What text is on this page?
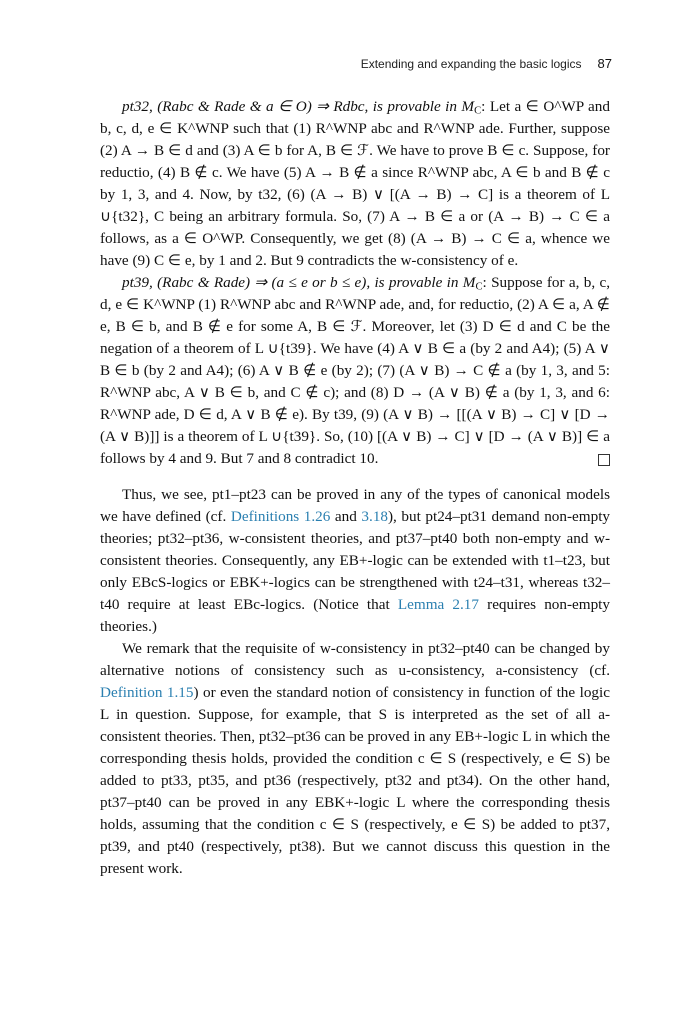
Extending and expanding the basic logics 87

pt32, (Rabc & Rade & a ∈ O) ⇒ Rdbc, is provable in $M_C$: Let a ∈ O^WP and b, c, d, e ∈ K^WNP such that (1) R^WNP abc and R^WNP ade. Further, suppose (2) A → B ∈ d and (3) A ∈ b for A, B ∈ ℱ. We have to prove B ∈ c. Suppose, for reductio, (4) B ∉ c. We have (5) A → B ∉ a since R^WNP abc, A ∈ b and B ∉ c by 1, 3, and 4. Now, by t32, (6) (A → B) ∨ [(A → B) → C] is a theorem of L ∪{t32}, C being an arbitrary formula. So, (7) A → B ∈ a or (A → B) → C ∈ a follows, as a ∈ O^WP. Consequently, we get (8) (A → B) → C ∈ a, whence we have (9) C ∈ e, by 1 and 2. But 9 contradicts the w-consistency of e.

pt39, (Rabc & Rade) ⇒ (a ≤ e or b ≤ e), is provable in $M_C$: Suppose for a, b, c, d, e ∈ K^WNP (1) R^WNP abc and R^WNP ade, and, for reductio, (2) A ∈ a, A ∉ e, B ∈ b, and B ∉ e for some A, B ∈ ℱ. Moreover, let (3) D ∈ d and C be the negation of a theorem of L ∪{t39}. We have (4) A ∨ B ∈ a (by 2 and A4); (5) A ∨ B ∈ b (by 2 and A4); (6) A ∨ B ∉ e (by 2); (7) (A ∨ B) → C ∉ a (by 1, 3, and 5: R^WNP abc, A ∨ B ∈ b, and C ∉ c); and (8) D → (A ∨ B) ∉ a (by 1, 3, and 6: R^WNP ade, D ∈ d, A ∨ B ∉ e). By t39, (9) (A ∨ B) → [[(A ∨ B) → C] ∨ [D → (A ∨ B)]] is a theorem of L ∪{t39}. So, (10) [(A ∨ B) → C] ∨ [D → (A ∨ B)] ∈ a follows by 4 and 9. But 7 and 8 contradict 10.

Thus, we see, pt1–pt23 can be proved in any of the types of canonical models we have defined (cf. Definitions 1.26 and 3.18), but pt24–pt31 demand non-empty theories; pt32–pt36, w-consistent theories, and pt37–pt40 both non-empty and w-consistent theories. Consequently, any EB+-logic can be extended with t1–t23, but only EBcS-logics or EBK+-logics can be strengthened with t24–t31, whereas t32–t40 require at least EBc-logics. (Notice that Lemma 2.17 requires non-empty theories.)

We remark that the requisite of w-consistency in pt32–pt40 can be changed by alternative notions of consistency such as u-consistency, a-consistency (cf. Definition 1.15) or even the standard notion of consistency in function of the logic L in question. Suppose, for example, that S is interpreted as the set of all a-consistent theories. Then, pt32–pt36 can be proved in any EB+-logic L in which the corresponding thesis holds, provided the condition c ∈ S (respectively, e ∈ S) be added to pt33, pt35, and pt36 (respectively, pt32 and pt34). On the other hand, pt37–pt40 can be proved in any EBK+-logic L where the corresponding thesis holds, assuming that the condition c ∈ S (respectively, e ∈ S) be added to pt37, pt39, and pt40 (respectively, pt38). But we cannot discuss this question in the present work.
